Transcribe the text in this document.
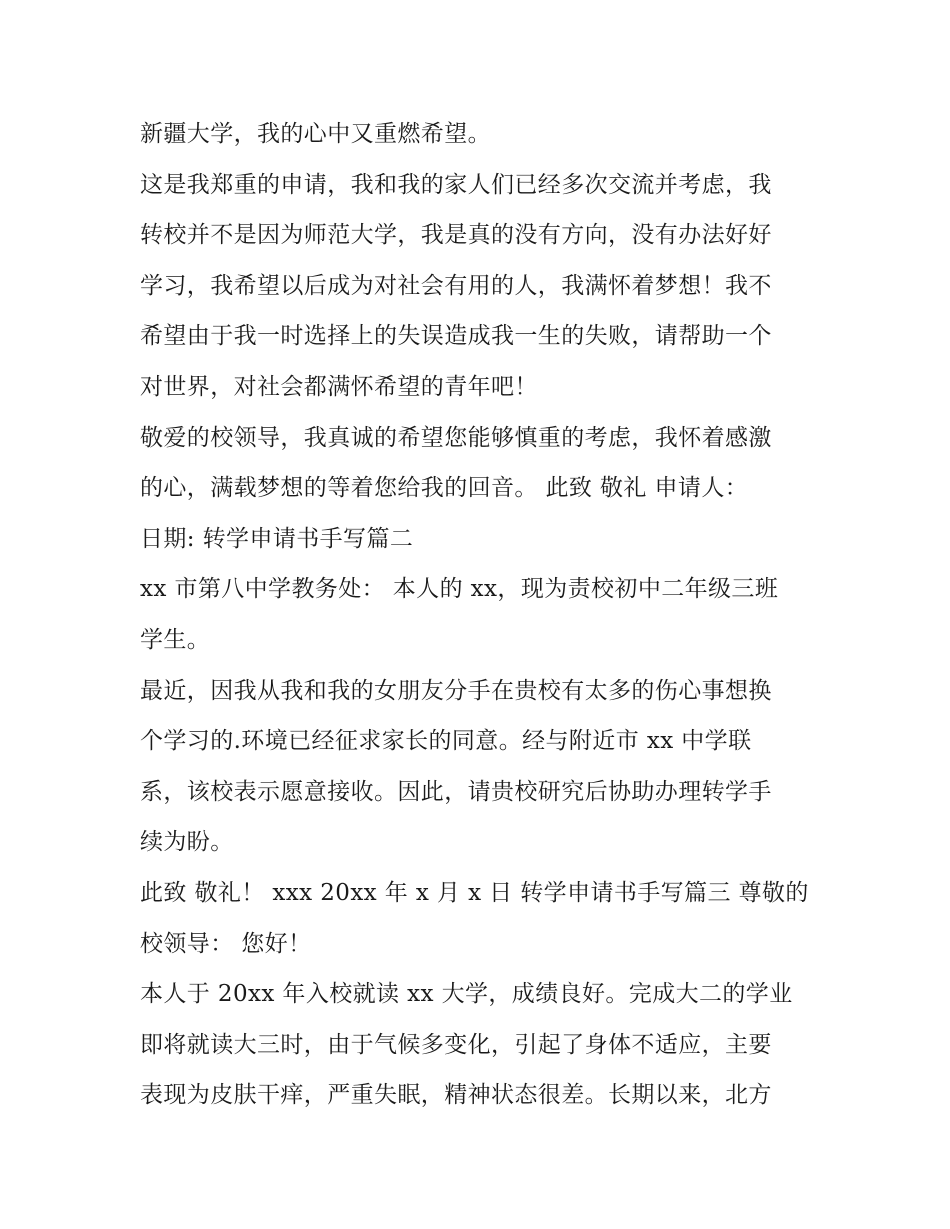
新疆大学，我的心中又重燃希望。
这是我郑重的申请，我和我的家人们已经多次交流并考虑，我
转校并不是因为师范大学，我是真的没有方向，没有办法好好
学习，我希望以后成为对社会有用的人，我满怀着梦想！我不
希望由于我一时选择上的失误造成我一生的失败，请帮助一个
对世界，对社会都满怀希望的青年吧！
敬爱的校领导，我真诚的希望您能够慎重的考虑，我怀着感激
的心，满载梦想的等着您给我的回音。 此致 敬礼 申请人：
日期: 转学申请书手写篇二
xx 市第八中学教务处： 本人的 xx，现为责校初中二年级三班
学生。
最近，因我从我和我的女朋友分手在贵校有太多的伤心事想换
个学习的.环境已经征求家长的同意。经与附近市 xx 中学联
系，该校表示愿意接收。因此，请贵校研究后协助办理转学手
续为盼。
此致 敬礼！ xxx 20xx 年 x 月 x 日 转学申请书手写篇三 尊敬的
校领导： 您好！
本人于 20xx 年入校就读 xx 大学，成绩良好。完成大二的学业
即将就读大三时，由于气候多变化，引起了身体不适应，主要
表现为皮肤干痒，严重失眠，精神状态很差。长期以来，北方
